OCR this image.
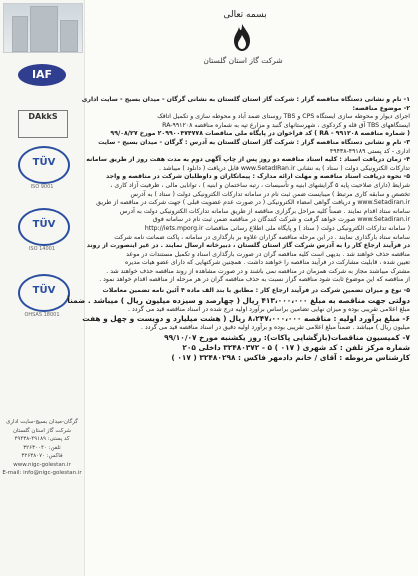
IAF
DAkkS
TÜV
ISO 9001
TÜV
ISO 14001
TÜV
OHSAS 18001
گرگان-میدان بسیج-سایت اداری
شرکت گاز استان گلستان
کد پستی: ۴۹۱۸۹-۴۹۴۳۸
تلفن: ۳۲۶۳۰۰۴۰
فاکس: ۳۲۶۳۸۰۷۰
www.nigc-golestan.ir
E-mail: info@nigc-golestan.ir
بسمه تعالی
شرکت گاز استان گلستان
۱- نام و نشانی دستگاه مناقصه گزار : شرکت گاز استان گلستان به نشانی گرگان - میدان بسیج - سایت اداری
۲- موضوع مناقصه:
اجرای دیوار و محوطه سازی ایستگاه CPS و TBS روستای ضمد آباد و محوطه سازی و تکمیل اتاقک
ایستگاههای TBS آق قله و کردکوی ، شهرستانهای گنبد و مزارع تپه به شماره مناقصه RA-۹۹۱۲۰۸
( شماره مناقصه RA - ۹۹۱۲۰۸ ) کد فراخوان در پایگاه ملی مناقصات ۲۰۹۹۰۰۴۷۴۷۷۸ مورخ ۹۹/۰۸/۲۷
۳- نام و نشانی دستگاه مناقصه گزار : شرکت گاز استان گلستان به آدرس : گرگان - میدان بسیج - سایت
اداری - کد پستی ۴۹۱۸۹-۴۹۴۳۸
۴- زمان دریافت اسناد : کلیه اسناد مناقصه دو روز پس از چاپ آگهی دوم به مدت هفت روز از طریق سامانه
تدارکات الکترونیکی دولت ( ستاد ) به نشانی www.SetadIRan.ir قابل دریافت ( دانلود ) میباشد .
۵- نحوه دریافت اسناد مناقصه و مهلت ارائه مدارک : پیمانکاران و داوطلبان شرکت در مناقصه و واجد
شرایط (دارای صلاحیت پایه ۵ گرایشهای ابنیه و تأسیسات ، رتبه ساختمان و ابنیه ) ، توانایی مالی ، ظرفیت آزاد کاری ،
تخصص و سابقه کاری مرتبط ) میبایست ضمن ثبت نام در سامانه تدارکات الکترونیکی دولت ( ستاد ) به آدرس
www.Setadiran.ir و دریافت گواهی امضاء الکترونیکی ( در صورت عدم عضویت قبلی ) جهت شرکت در مناقصه از طریق
سامانه ستاد اقدام نمایند . ضمناً کلیه مراحل برگزاری مناقصه از طریق سامانه تدارکات الکترونیکی دولت به آدرس
www.Setadiran.ir صورت خواهد گرفت و شرکت کنندگان در مناقصه ضمن ثبت نام در سامانه فوق
( سامانه تدارکات الکترونیکی دولت ( ستاد ) و پایگاه ملی اطلاع رسانی مناقصات http://iets.mporg.ir
سامانه ستاد بارگذاری نمایند . در این مرحله مناقصه گزاران علاوه بر بارگذاری در سامانه ، پاکت ضمانت نامه شرکت
در فرآیند ارجاع کار را به آدرس شرکت گاز استان گلستان ، دبیرخانه ارسال نمایند . در غیر اینصورت از روند
مناقصه حذف خواهند شد . بدیهی است کلیه مناقصه گران در صورت بارگذاری اسناد و تکمیل مستندات در موعد
تعیین شده ، قابلیت مشارکت در فرآیند مناقصه را خواهند داشت . همچنین شرکتهایی که دارای عضو هیات مدیره
مشترک میباشند مجاز به شرکت همزمان در مناقصه نمی باشند و در صورت مشاهده از روند مناقصه حذف خواهند شد .
از مناقصه که این موضوع ثابت شود مناقصه گزار نسبت به حذف مناقصه گران در هر مرحله از مناقصه اقدام خواهد نمود .
۵- نوع و میزان تضمین شرکت در فرآیند ارجاع کار : مطابق با بند الف ماده ۴ آئین نامه تضمین معاملات
دولتی جهت مناقصه به مبلغ ۴۱۳،۰۰۰،۰۰۰ ریال ( چهارصد و سیزده میلیون ریال ) میباشد . ضمناً
مبلغ اعلامی تقریبی بوده و میزان نهایی تضامین براساس برآورد اولیه درج شده در اسناد مناقصه قید می گردد .
۶- مبلغ برآورد اولیه : مناقصه ۸،۲۴۷،۰۰۰،۰۰۰ ریال ( هشت میلیارد و دویست و چهل و هفت
میلیون ریال ) میباشد . ضمناً مبلغ اعلامی تقریبی بوده و برآورد اولیه دقیق در اسناد مناقصه قید می گردد .
۷- کمیسیون مناقصات(بازگشایی پاکات): روز یکشنبه مورخ ۹۹/۱۰/۰۷
شماره مرکز تلفن : کد شهری ( ۰۱۷ ) ۵ - ۳۲۴۸۰۳۷۲ داخلی ۲۰۵
کارشناس مربوطه : آقای / خانم دادمهر فاکس : ۳۲۴۸۰۲۹۸ ( ۰۱۷ )
